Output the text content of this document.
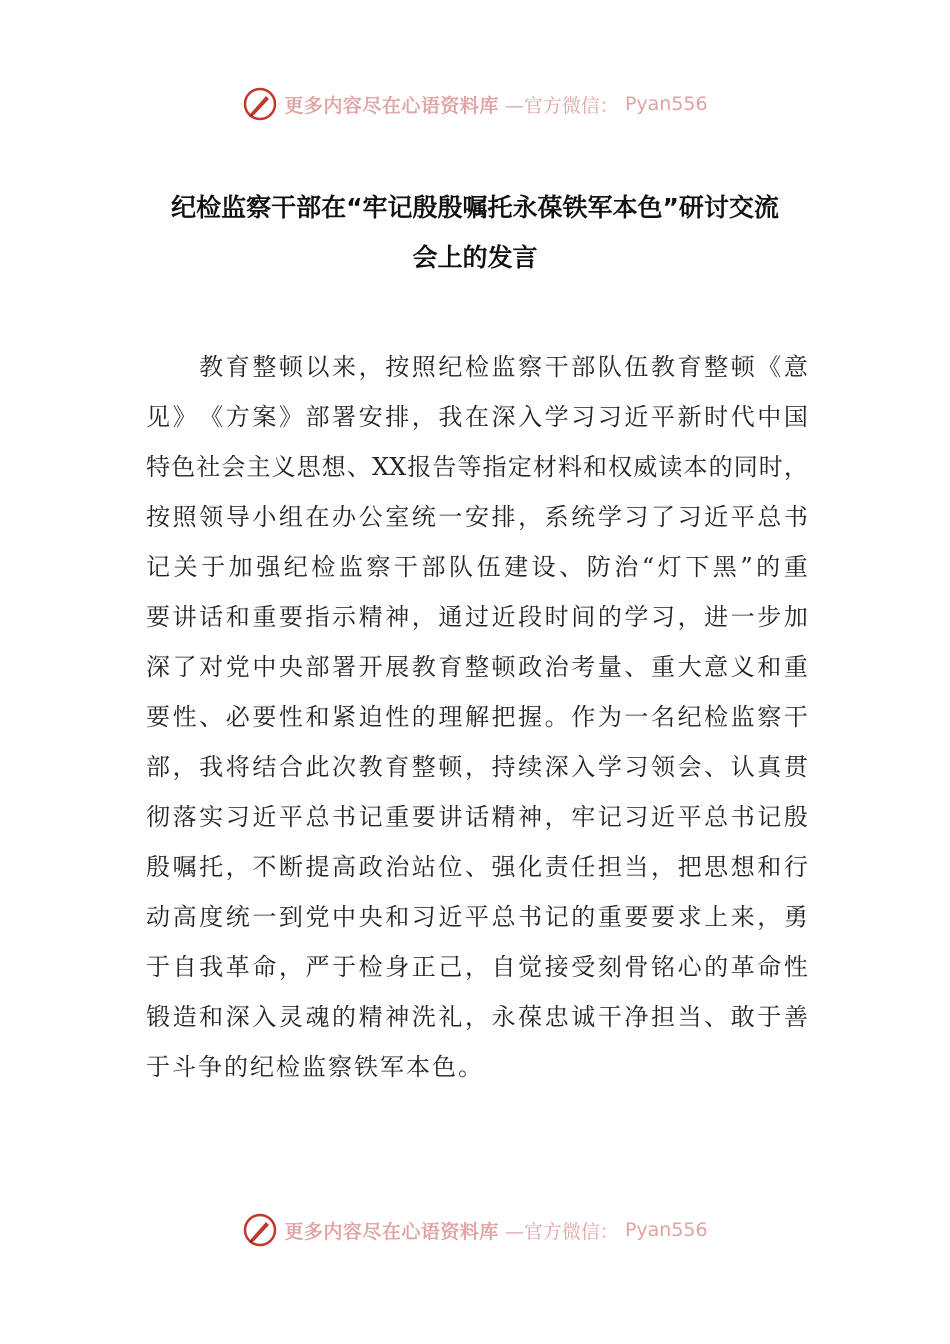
更多内容尽在心语资料库 —官方微信： Pyan556
纪检监察干部在“牢记殷殷嘱托永葆铁军本色”研讨交流
会上的发言

教 育 整 顿 以 来 ， 按 照 纪 检 监 察 干 部 队 伍 教 育 整 顿 《 意
见 》 《 方 案 》 部 署 安 排 ， 我 在 深 入 学 习 习 近 平 新 时 代 中 国
特 色 社 会 主 义 思 想 、 XX 报 告 等 指 定 材 料 和 权 威 读 本 的 同 时 ，
按 照 领 导 小 组 在 办 公 室 统 一 安 排 ， 系 统 学 习 了 习 近 平 总 书
记 关 于 加 强 纪 检 监 察 干 部 队 伍 建 设 、 防 治 “ 灯 下 黑 ” 的 重
要 讲 话 和 重 要 指 示 精 神 ， 通 过 近 段 时 间 的 学 习 ， 进 一 步 加
深 了 对 党 中 央 部 署 开 展 教 育 整 顿 政 治 考 量 、 重 大 意 义 和 重
要 性 、 必 要 性 和 紧 迫 性 的 理 解 把 握 。 作 为 一 名 纪 检 监 察 干
部 ， 我 将 结 合 此 次 教 育 整 顿 ， 持 续 深 入 学 习 领 会 、 认 真 贯
彻 落 实 习 近 平 总 书 记 重 要 讲 话 精 神 ， 牢 记 习 近 平 总 书 记 殷
殷 嘱 托 ， 不 断 提 高 政 治 站 位 、 强 化 责 任 担 当 ， 把 思 想 和 行
动 高 度 统 一 到 党 中 央 和 习 近 平 总 书 记 的 重 要 要 求 上 来 ， 勇
于 自 我 革 命 ， 严 于 检 身 正 己 ， 自 觉 接 受 刻 骨 铭 心 的 革 命 性
锻 造 和 深 入 灵 魂 的 精 神 洗 礼 ， 永 葆 忠 诚 干 净 担 当 、 敢 于 善
于斗争的纪检监察铁军本色。
更多内容尽在心语资料库 —官方微信： Pyan556
